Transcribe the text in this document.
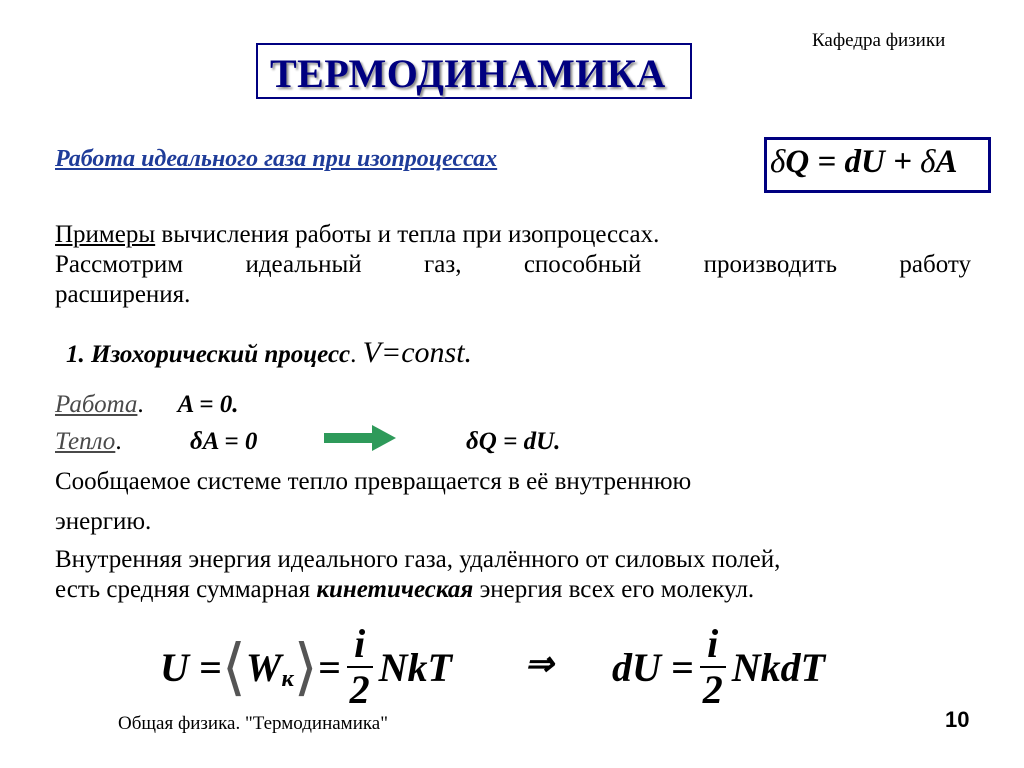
Кафедра физики
ТЕРМОДИНАМИКА
Работа идеального газа при изопроцессах	δQ = dU + δA
Примеры вычисления работы и тепла при изопроцессах.
Рассмотрим идеальный газ, способный производить работу
расширения.
1. Изохорический процесс. V=const.
Работа. A = 0.
Тепло.	δA = 0	δQ = dU.
Сообщаемое системе тепло превращается в её внутреннюю
энергию.
Внутренняя энергия идеального газа, удалённого от силовых полей,
есть средняя суммарная кинетическая энергия всех его молекул.
U = ⟨ W к ⟩ = $\frac{i}{2}$ NkT ⇒ dU = $\frac{i}{2}$ NkdT
Общая физика. "Термодинамика"	10
